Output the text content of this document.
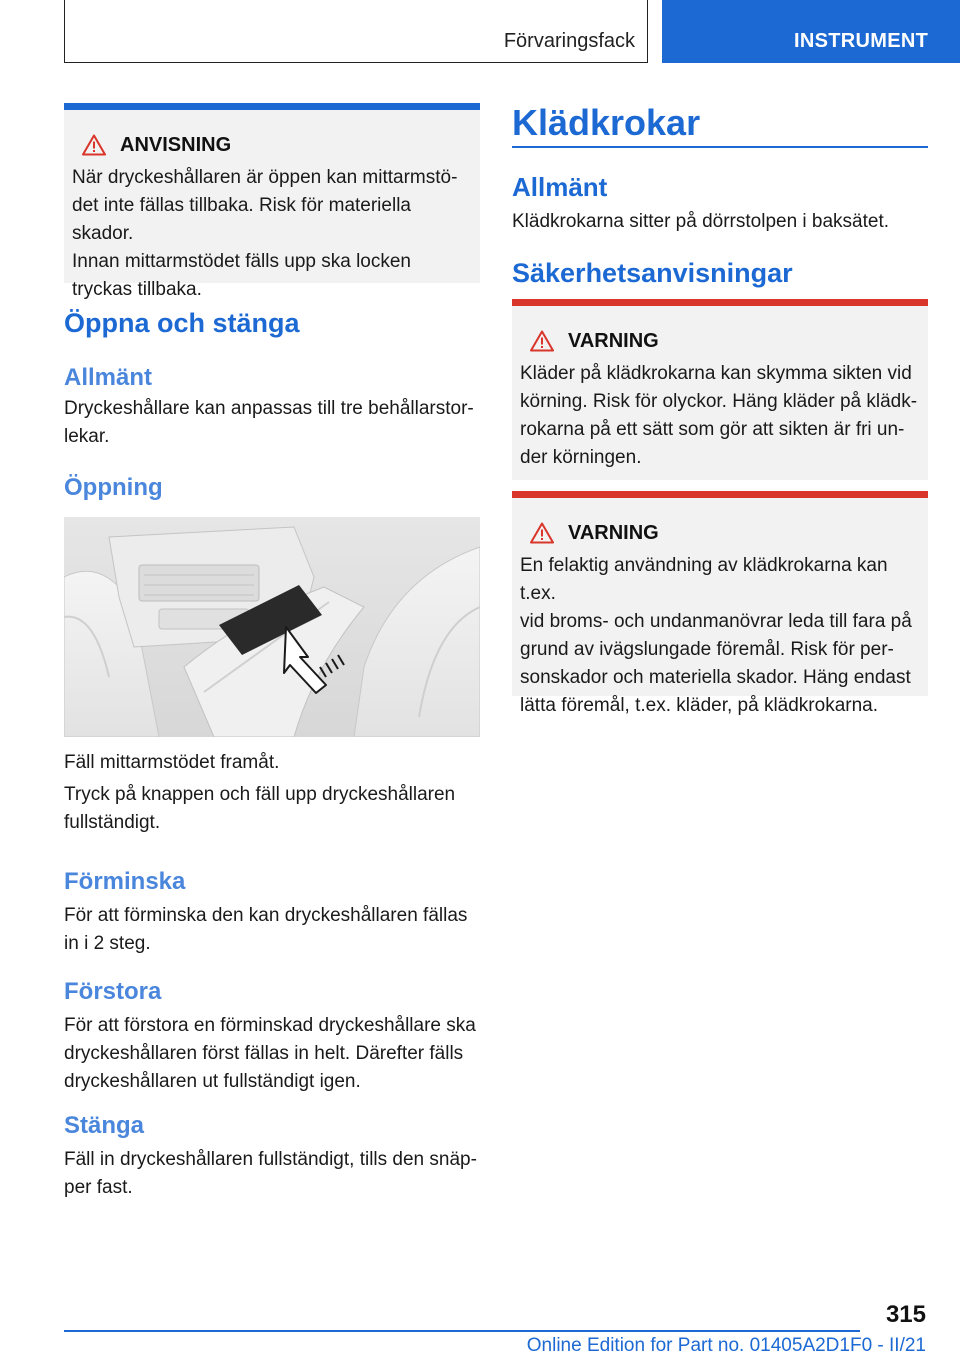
Förvaringsfack	INSTRUMENT
ANVISNING
När dryckeshållaren är öppen kan mittarmstö-
det inte fällas tillbaka. Risk för materiella skador.
Innan mittarmstödet fälls upp ska locken
tryckas tillbaka.
Öppna och stänga
Allmänt
Dryckeshållare kan anpassas till tre behållarstor-
lekar.
Öppning
Fäll mittarmstödet framåt.
Tryck på knappen och fäll upp dryckeshållaren
fullständigt.
Förminska
För att förminska den kan dryckeshållaren fällas
in i 2 steg.
Förstora
För att förstora en förminskad dryckeshållare ska
dryckeshållaren först fällas in helt. Därefter fälls
dryckeshållaren ut fullständigt igen.
Stänga
Fäll in dryckeshållaren fullständigt, tills den snäp-
per fast.
Klädkrokar
Allmänt
Klädkrokarna sitter på dörrstolpen i baksätet.
Säkerhetsanvisningar
VARNING
Kläder på klädkrokarna kan skymma sikten vid
körning. Risk för olyckor. Häng kläder på klädk-
rokarna på ett sätt som gör att sikten är fri un-
der körningen.
VARNING
En felaktig användning av klädkrokarna kan t.ex.
vid broms- och undanmanövrar leda till fara på
grund av ivägslungade föremål. Risk för per-
sonskador och materiella skador. Häng endast
lätta föremål, t.ex. kläder, på klädkrokarna.
315
Online Edition for Part no. 01405A2D1F0 - II/21
